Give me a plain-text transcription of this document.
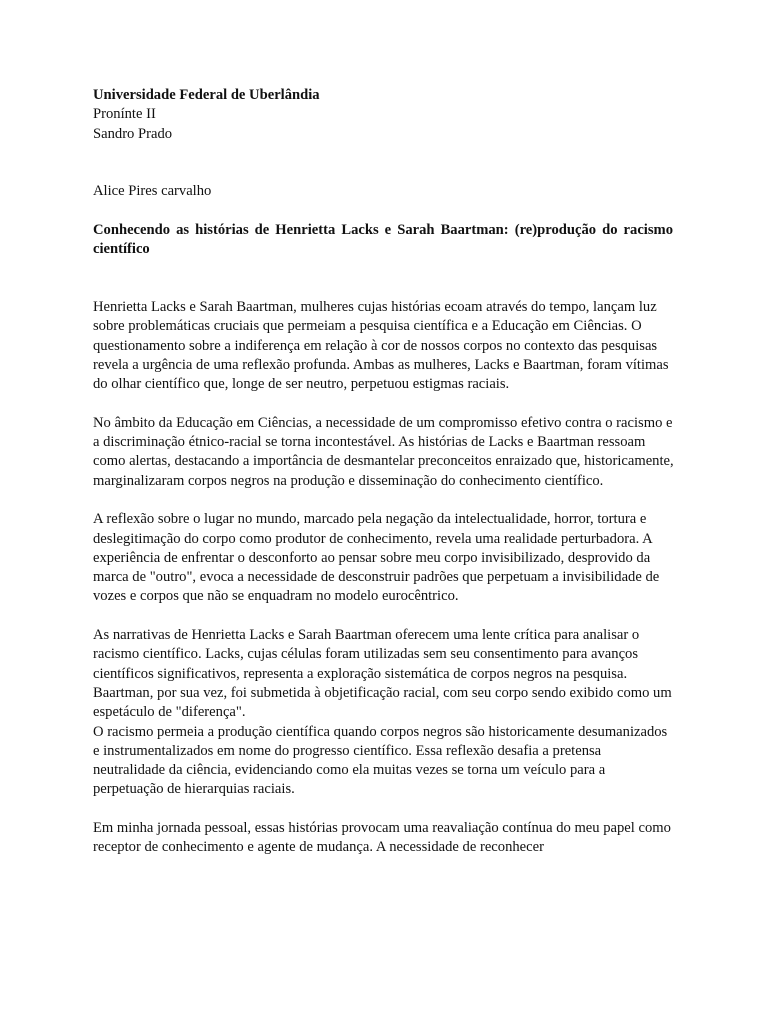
Universidade Federal de Uberlândia

Pronínte II

Sandro Prado

Alice Pires carvalho

Conhecendo as histórias de Henrietta Lacks e Sarah Baartman: (re)produção do racismo científico

Henrietta Lacks e Sarah Baartman, mulheres cujas histórias ecoam através do tempo, lançam luz sobre problemáticas cruciais que permeiam a pesquisa científica e a Educação em Ciências. O questionamento sobre a indiferença em relação à cor de nossos corpos no contexto das pesquisas revela a urgência de uma reflexão profunda. Ambas as mulheres, Lacks e Baartman, foram vítimas do olhar científico que, longe de ser neutro, perpetuou estigmas raciais.

No âmbito da Educação em Ciências, a necessidade de um compromisso efetivo contra o racismo e a discriminação étnico-racial se torna incontestável. As histórias de Lacks e Baartman ressoam como alertas, destacando a importância de desmantelar preconceitos enraizado que, historicamente, marginalizaram corpos negros na produção e disseminação do conhecimento científico.

A reflexão sobre o lugar no mundo, marcado pela negação da intelectualidade, horror, tortura e deslegitimação do corpo como produtor de conhecimento, revela uma realidade perturbadora. A experiência de enfrentar o desconforto ao pensar sobre meu corpo invisibilizado, desprovido da marca de "outro", evoca a necessidade de desconstruir padrões que perpetuam a invisibilidade de vozes e corpos que não se enquadram no modelo eurocêntrico.

As narrativas de Henrietta Lacks e Sarah Baartman oferecem uma lente crítica para analisar o racismo científico. Lacks, cujas células foram utilizadas sem seu consentimento para avanços científicos significativos, representa a exploração sistemática de corpos negros na pesquisa. Baartman, por sua vez, foi submetida à objetificação racial, com seu corpo sendo exibido como um espetáculo de "diferença".

O racismo permeia a produção científica quando corpos negros são historicamente desumanizados e instrumentalizados em nome do progresso científico. Essa reflexão desafia a pretensa neutralidade da ciência, evidenciando como ela muitas vezes se torna um veículo para a perpetuação de hierarquias raciais.

Em minha jornada pessoal, essas histórias provocam uma reavaliação contínua do meu papel como receptor de conhecimento e agente de mudança. A necessidade de reconhecer
